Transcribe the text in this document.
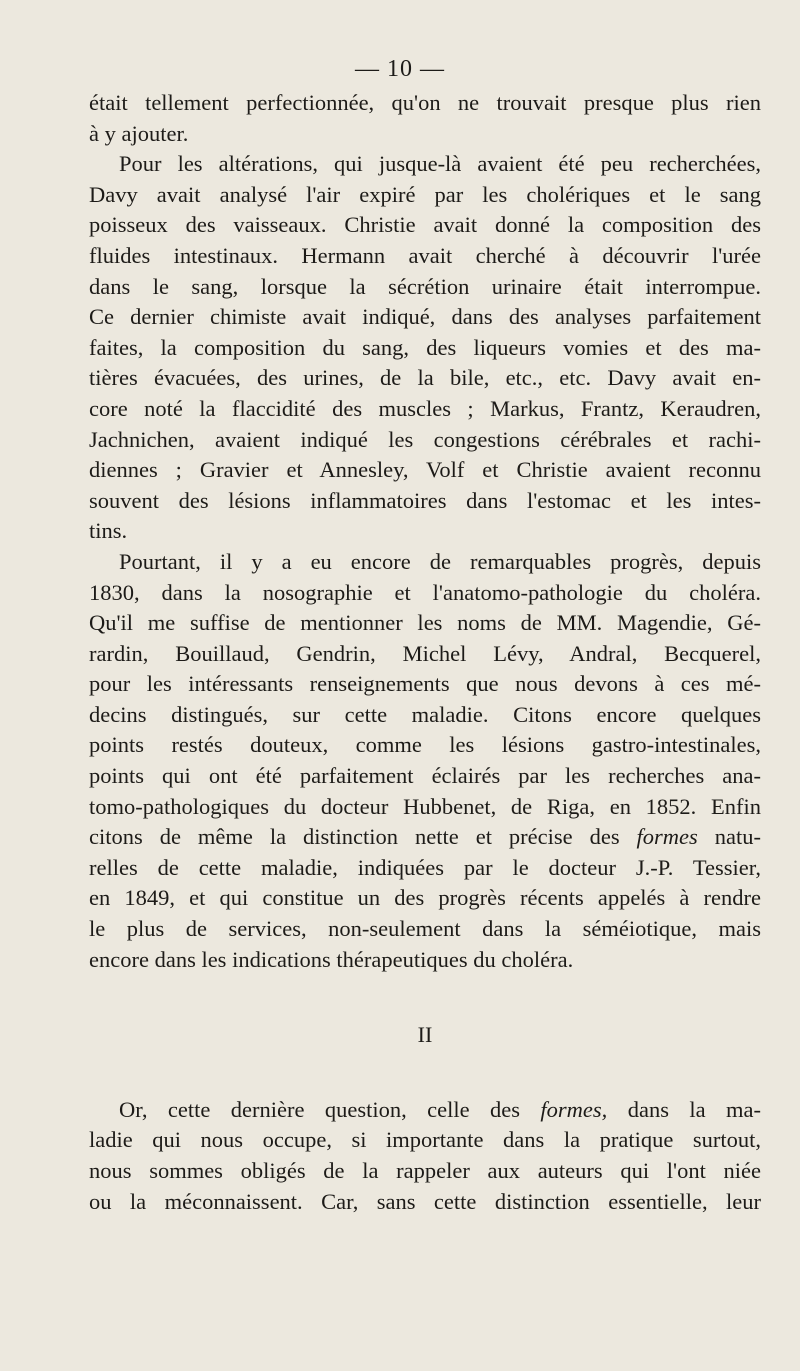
— 10 —
était tellement perfectionnée, qu'on ne trouvait presque plus rien
à y ajouter.
Pour les altérations, qui jusque-là avaient été peu recherchées,
Davy avait analysé l'air expiré par les cholériques et le sang
poisseux des vaisseaux. Christie avait donné la composition des
fluides intestinaux. Hermann avait cherché à découvrir l'urée
dans le sang, lorsque la sécrétion urinaire était interrompue.
Ce dernier chimiste avait indiqué, dans des analyses parfaitement
faites, la composition du sang, des liqueurs vomies et des ma-
tières évacuées, des urines, de la bile, etc., etc. Davy avait en-
core noté la flaccidité des muscles ; Markus, Frantz, Keraudren,
Jachnichen, avaient indiqué les congestions cérébrales et rachi-
diennes ; Gravier et Annesley, Volf et Christie avaient reconnu
souvent des lésions inflammatoires dans l'estomac et les intes-
tins.
Pourtant, il y a eu encore de remarquables progrès, depuis
1830, dans la nosographie et l'anatomo-pathologie du choléra.
Qu'il me suffise de mentionner les noms de MM. Magendie, Gé-
rardin, Bouillaud, Gendrin, Michel Lévy, Andral, Becquerel,
pour les intéressants renseignements que nous devons à ces mé-
decins distingués, sur cette maladie. Citons encore quelques
points restés douteux, comme les lésions gastro-intestinales,
points qui ont été parfaitement éclairés par les recherches ana-
tomo-pathologiques du docteur Hubbenet, de Riga, en 1852. Enfin
citons de même la distinction nette et précise des formes natu-
relles de cette maladie, indiquées par le docteur J.-P. Tessier,
en 1849, et qui constitue un des progrès récents appelés à rendre
le plus de services, non-seulement dans la séméiotique, mais
encore dans les indications thérapeutiques du choléra.
II
Or, cette dernière question, celle des formes, dans la ma-
ladie qui nous occupe, si importante dans la pratique surtout,
nous sommes obligés de la rappeler aux auteurs qui l'ont niée
ou la méconnaissent. Car, sans cette distinction essentielle, leur
